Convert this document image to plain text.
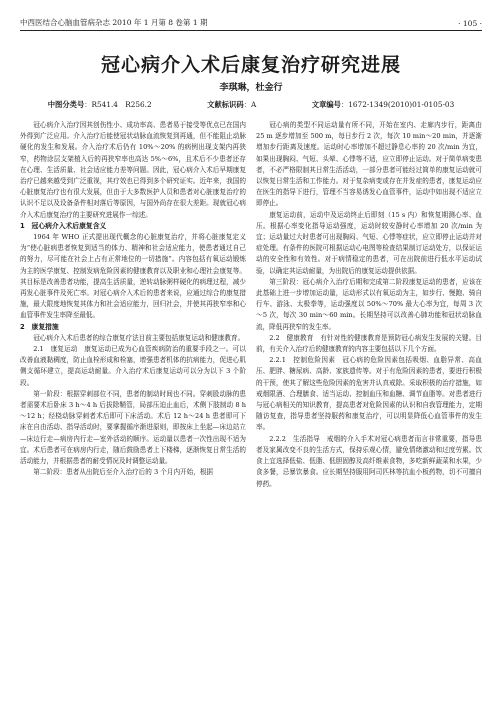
中西医结合心脑血管病杂志 2010 年 1 月第 8 卷第 1 期	· 105 ·
冠心病介入术后康复治疗研究进展
李琪琳，杜金行
中图分类号：R541.4　R256.2	文献标识码：A	文章编号：1672-1349(2010)01-0105-03

冠心病介入治疗因其创伤性小、成功率高、患者易于接受等优点已在国内外得到广泛应用。介入治疗后能使冠状动脉血流恢复到再通，但不能阻止动脉硬化的发生和发展。介入治疗术后仍有 10%～20% 的病例出现支架内再狭窄，药物涂层支架植入后的再狭窄率也高达 5%～6%，且术后不少患者还存在心理、生活质量、社会适应能力差等问题。因此，冠心病介入术后早期康复治疗已越来越受到广泛重视，其疗效也已得到多个研究证实。近年来，我国的心脏康复治疗也有很大发展，但由于大多数医护人员和患者对心脏康复治疗的认识不足以及设备条件相对落后等原因，与国外尚存在很大差距。现就冠心病介入术后康复治疗的主要研究进展作一综述。

1　冠心病介入术后康复含义

1964 年 WHO 正式提出现代概念的心脏康复治疗，并将心脏康复定义为“使心脏病患者恢复到适当的体力、精神和社会适应能力，使患者通过自己的努力，尽可能在社会上占有正常地位的一切措施”。内容包括有氧运动锻炼为主的医学康复、控制发病危险因素的健康教育以及职业和心理社会康复等。其目标是改善患者功能，提高生活质量，逆转动脉粥样硬化的病理过程，减少再发心脏事件及死亡率。对冠心病介入术后的患者来说，应通过综合的康复措施，最大限度地恢复其体力和社会适应能力，回归社会，并使其再狭窄率和心血管事件发生率降至最低。

2　康复措施

冠心病介入术后患者的综合康复疗法目前主要包括康复运动和健康教育。

2.1　康复运动　康复运动已成为心血管疾病防治的重要手段之一。可以改善血液黏稠度，防止血栓形成和栓塞，增强患者机体的抗病能力，促进心肌侧支循环建立，提高运动耐量。介入治疗术后康复运动可以分为以下 3 个阶段。

第一阶段：根据穿刺部位不同，患者的制动时间也不同。穿刺股动脉的患者需要术后卧床 3 h～4 h 后拔除鞘管，局部压迫止血后，术侧下肢制动 8 h～12 h；经桡动脉穿刺者术后即可下床活动。术后 12 h～24 h 患者即可下床在自由活动、指导活动时，要掌握循序渐进原则，即按床上坐起—床边站立—床边行走—病房内行走—室外活动的顺序。运动量以患者一次性出现不适为宜。术后患者可在病房内行走，随后鼓励患者上下楼梯，逐渐恢复日常生活的活动能力，并根据患者的耐受情况及时调整运动量。

第二阶段：患者从出院后至介入治疗后的 3 个月内开始，根据

冠心病的类型不同运动量有所不同，开始在室内、走廊内步行，距离由 25 m 逐步增加至 500 m，每日步行 2 次，每次 10 min～20 min，并逐渐增加步行距离及速度。运动时心率增加不超过静息心率的 20 次/min 为宜，如果出现胸闷、气短、头晕、心悸等不适，应立即停止运动。对于简单病变患者，不必严格限制其日常生活活动，一部分患者可能经过简单的康复运动就可以恢复日常生活和工作能力。对于复杂病变或存在并发症的患者，康复运动应在医生的指导下进行，管理不当容易诱发心血管事件，运动中如出现不适应立即停止。

康复运动前，运动中及运动终止后即刻（15 s 内）和恢复期测心率、血压。根据心率变化指导运动强度，运动时较安静时心率增加 20 次/min 为宜；运动量过大时患者可出现胸闷、气短、心悸等症状，应立即停止运动并对症处理。有条件的医院可根据运动心电图等检查结果制订运动处方，以保证运动的安全性和有效性。对于病情稳定的患者，可在出院前进行低水平运动试验，以确定其运动耐量，为出院后的康复运动提供依据。

第三阶段：冠心病介入治疗后期和完成第二阶段康复运动的患者，应该在此基础上进一步增加运动量，运动形式以有氧运动为主，如步行、慢跑、骑自行车、游泳、太极拳等，运动强度以 50%～70% 最大心率为宜，每周 3 次～5 次，每次 30 min～60 min。长期坚持可以改善心肺功能和冠状动脉血流，降低再狭窄的发生率。

2.2　健康教育　有针对性的健康教育是预防冠心病发生发展的关键。目前，有关介入治疗后的健康教育的内容主要包括以下几个方面。

2.2.1　控制危险因素　冠心病的危险因素包括吸烟、血脂异常、高血压、肥胖、糖尿病、高龄、家族遗传等。对于有危险因素的患者，要进行积极的干预，使其了解这些危险因素的危害并认真戒除。采取积极的治疗措施，如戒烟限酒、合理膳食、适当运动、控制血压和血糖、调节血脂等。对患者进行与冠心病相关的知识教育，提高患者对危险因素的认识和自我管理能力，定期随访复查，指导患者坚持服药和康复治疗，可以明显降低心血管事件的发生率。

2.2.2　生活指导　戒烟的介入手术对冠心病患者而言非常重要，指导患者及家属改变不良的生活方式，保持乐观心情，避免情绪激动和过度劳累。饮食上宜选择低盐、低脂、低胆固醇及高纤维素食物，多吃新鲜蔬菜和水果，少食多餐，忌暴饮暴食。应长期坚持服用阿司匹林等抗血小板药物，切不可擅自停药。
